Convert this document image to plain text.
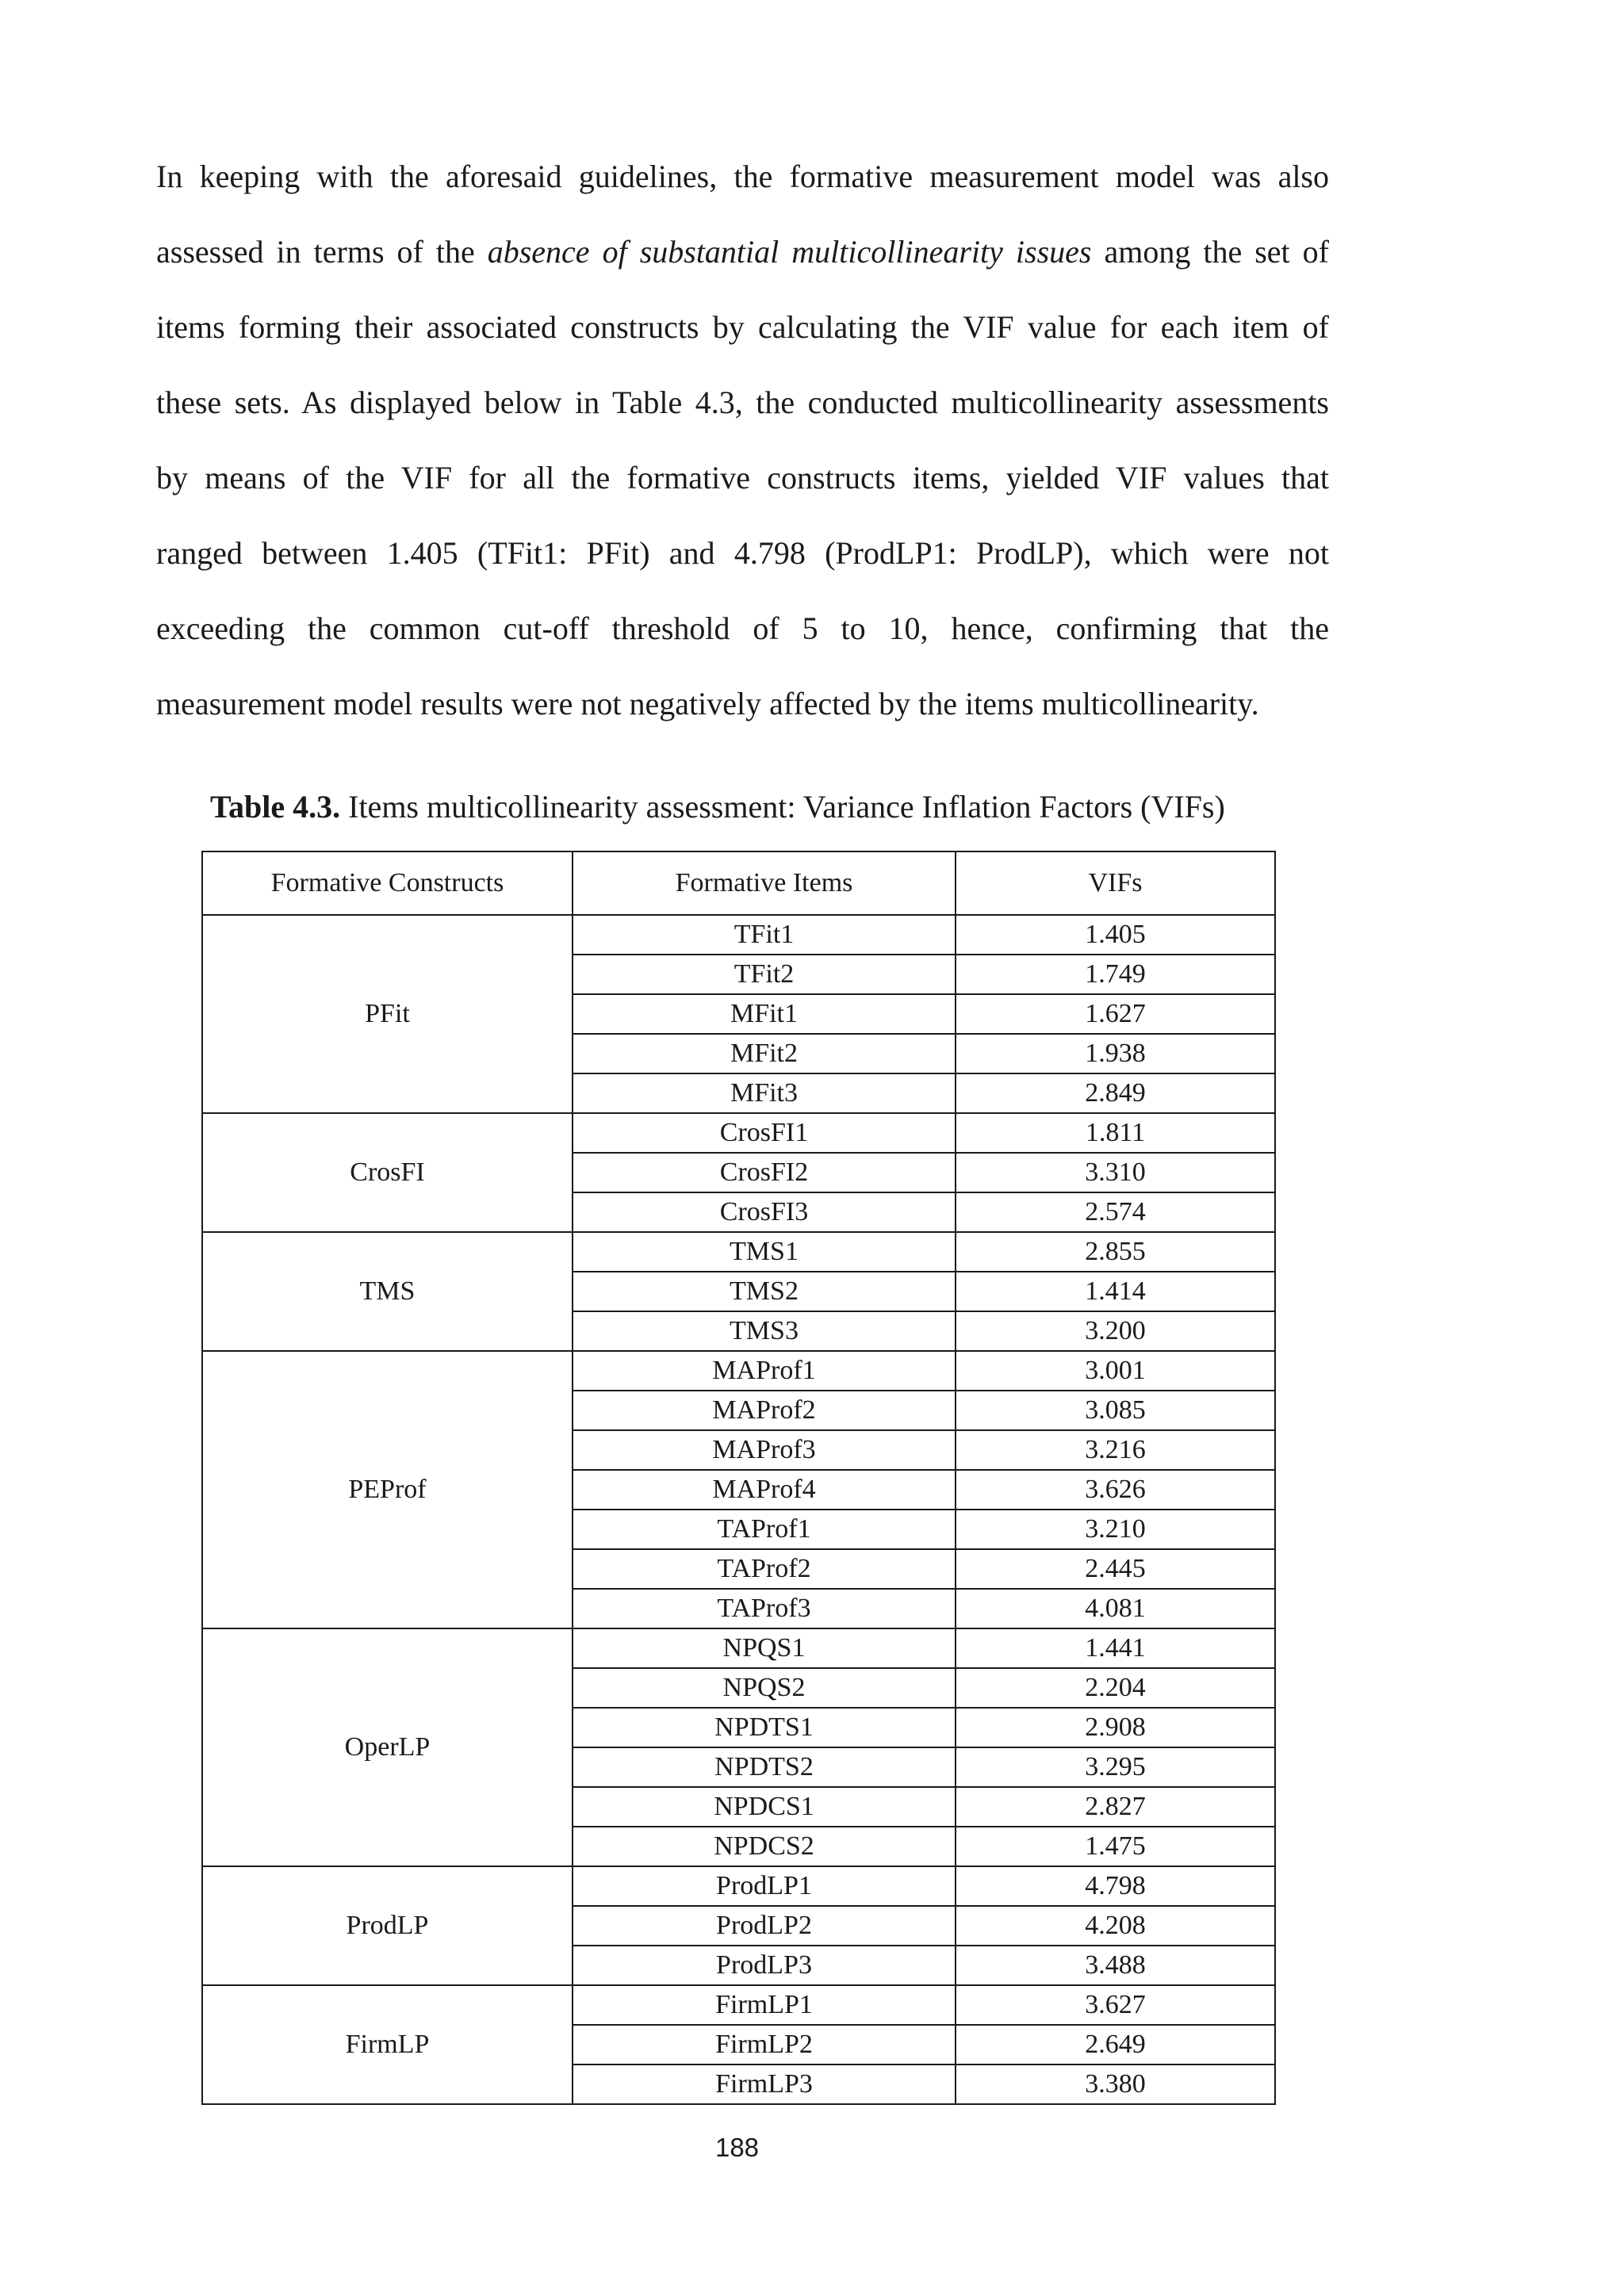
In keeping with the aforesaid guidelines, the formative measurement model was also
assessed in terms of the absence of substantial multicollinearity issues among the set of
items forming their associated constructs by calculating the VIF value for each item of
these sets. As displayed below in Table 4.3, the conducted multicollinearity assessments
by means of the VIF for all the formative constructs items, yielded VIF values that
ranged between 1.405 (TFit1: PFit) and 4.798 (ProdLP1: ProdLP), which were not
exceeding the common cut-off threshold of 5 to 10, hence, confirming that the
measurement model results were not negatively affected by the items multicollinearity.

Table 4.3. Items multicollinearity assessment: Variance Inflation Factors (VIFs)

Formative Constructs	Formative Items	VIFs
PFit	TFit1	1.405
	TFit2	1.749
	MFit1	1.627
	MFit2	1.938
	MFit3	2.849
CrosFI	CrosFI1	1.811
	CrosFI2	3.310
	CrosFI3	2.574
TMS	TMS1	2.855
	TMS2	1.414
	TMS3	3.200
PEProf	MAProf1	3.001
	MAProf2	3.085
	MAProf3	3.216
	MAProf4	3.626
	TAProf1	3.210
	TAProf2	2.445
	TAProf3	4.081
OperLP	NPQS1	1.441
	NPQS2	2.204
	NPDTS1	2.908
	NPDTS2	3.295
	NPDCS1	2.827
	NPDCS2	1.475
ProdLP	ProdLP1	4.798
	ProdLP2	4.208
	ProdLP3	3.488
FirmLP	FirmLP1	3.627
	FirmLP2	2.649
	FirmLP3	3.380
188
